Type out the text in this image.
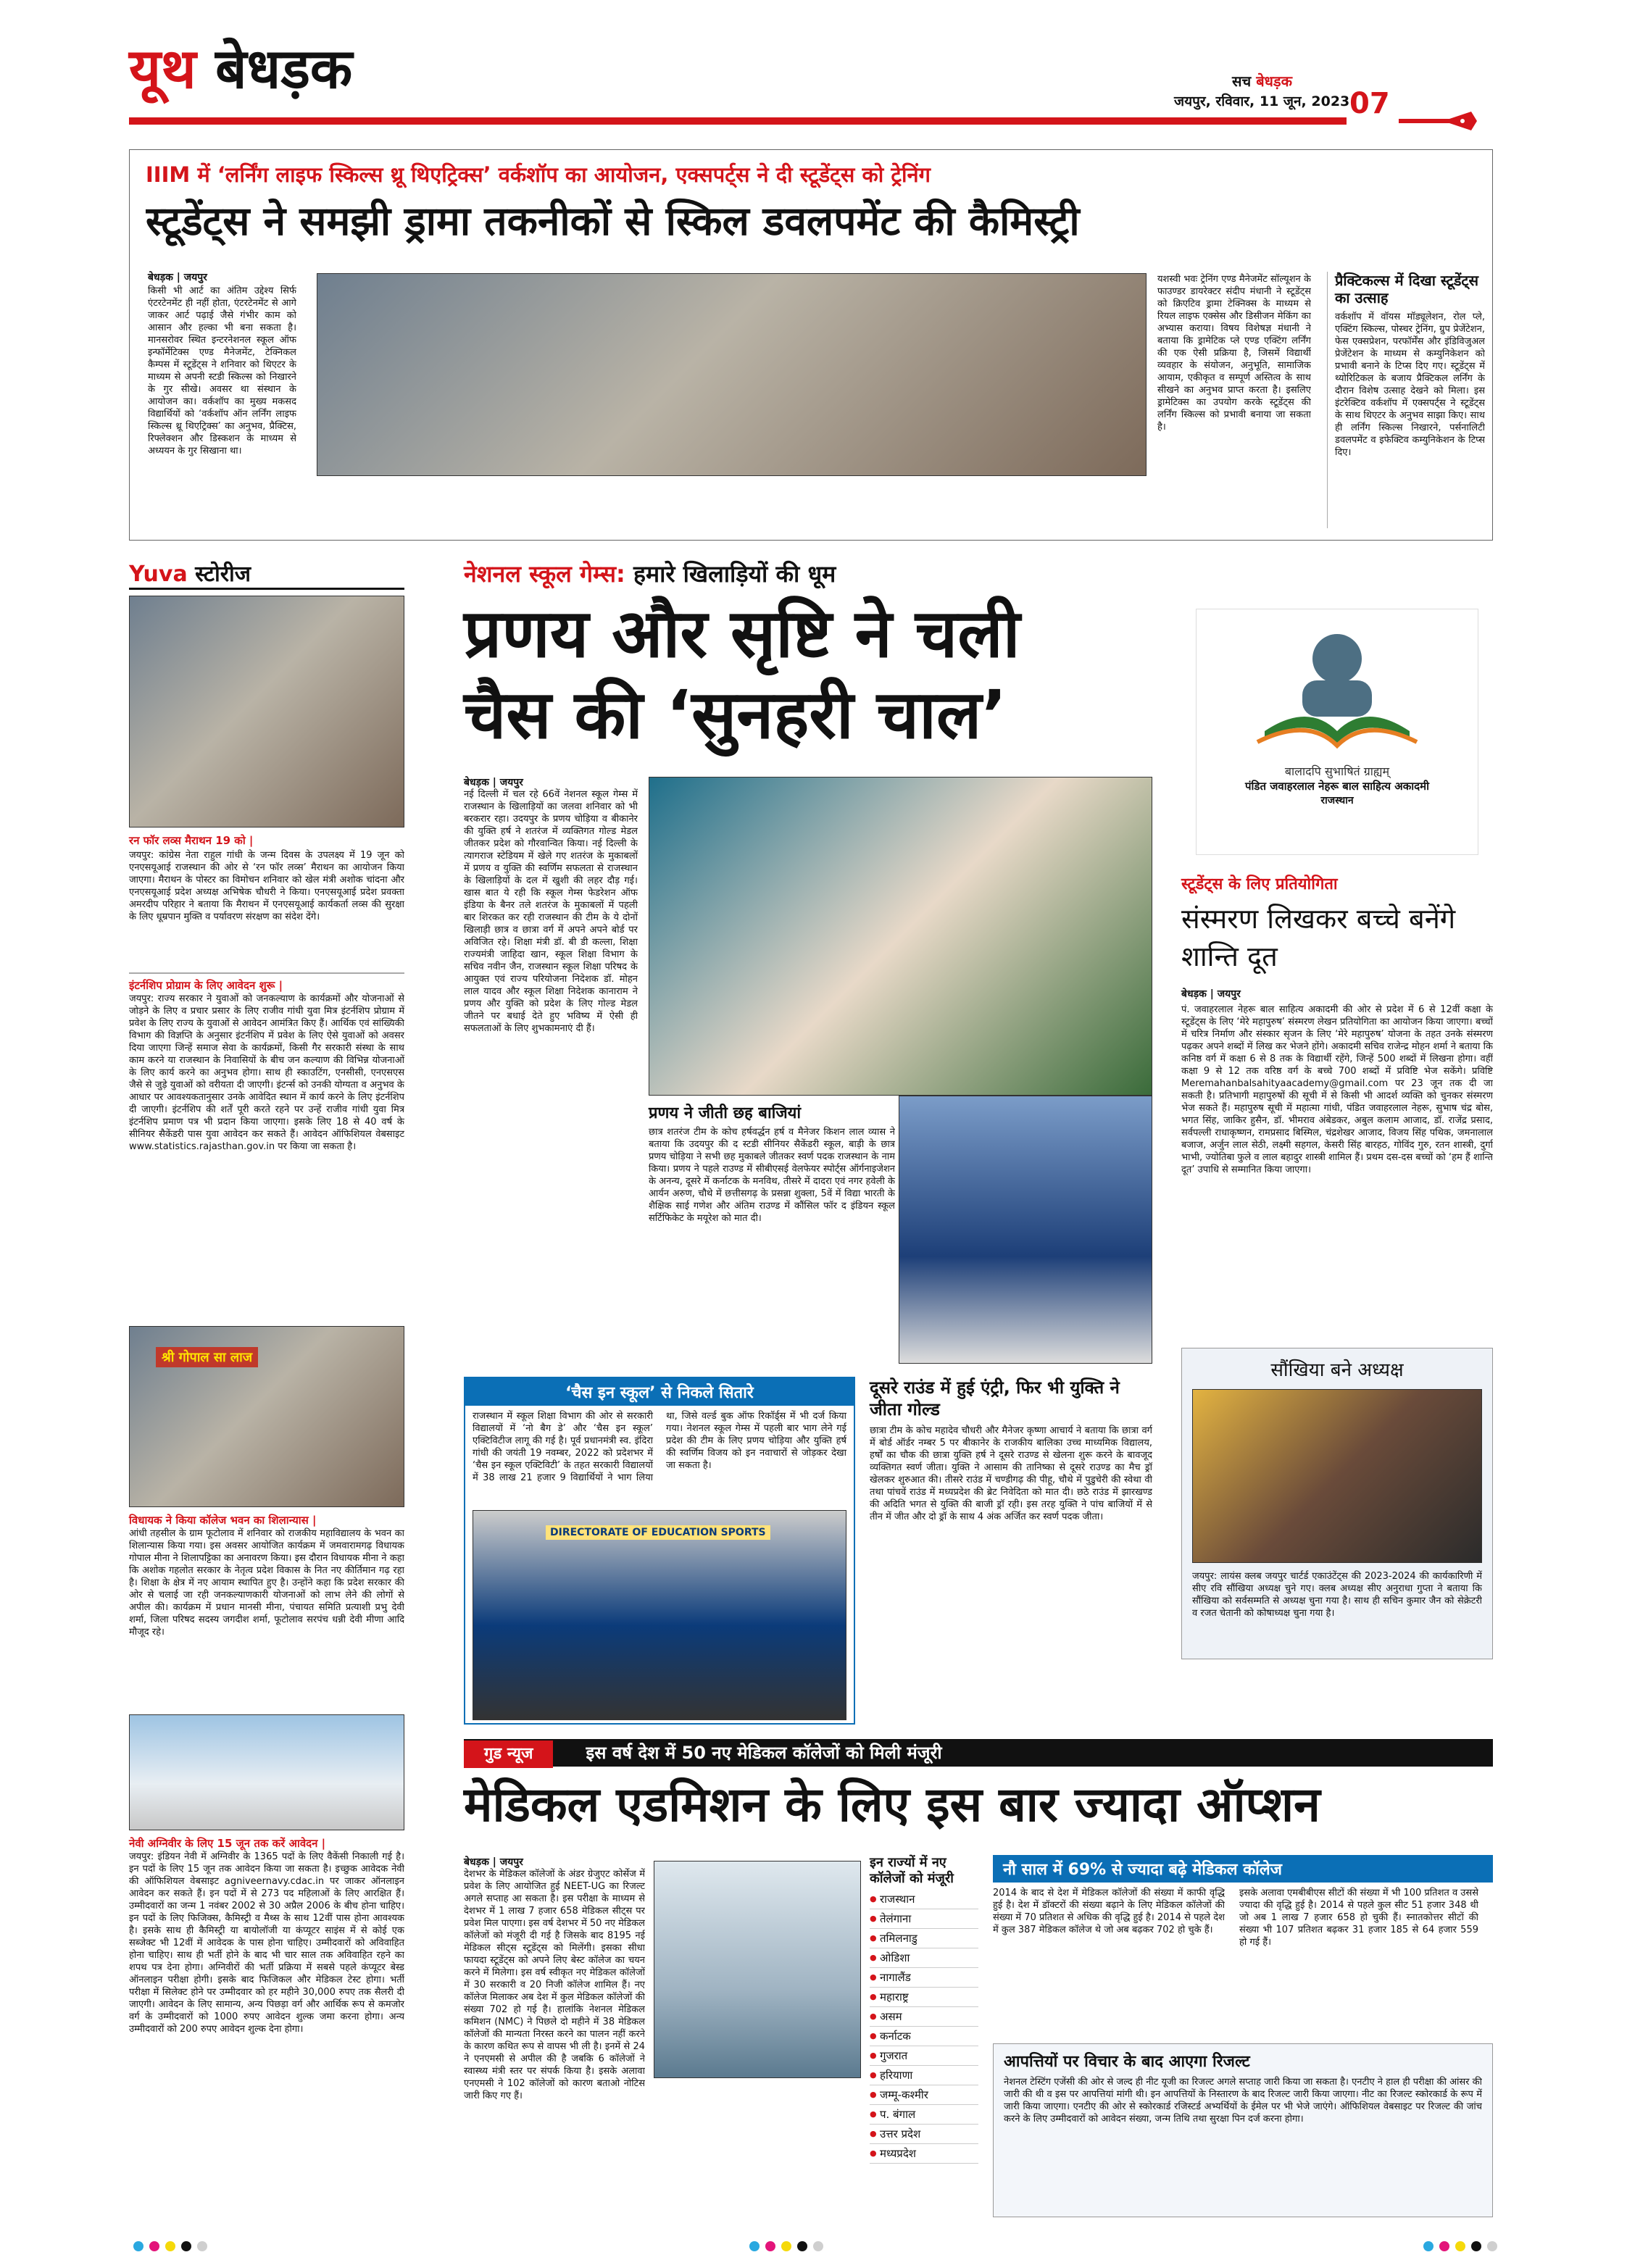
यूथ बेधड़क	सच बेधड़क
जयपुर, रविवार, 11 जून, 2023 07
IIIM में ‘लर्निंग लाइफ स्किल्स थ्रू थिएट्रिक्स’ वर्कशॉप का आयोजन, एक्सपर्ट्स ने दी स्टूडेंट्स को ट्रेनिंग
स्टूडेंट्स ने समझी ड्रामा तकनीकों से स्किल डवलपमेंट की कैमिस्ट्री
बेधड़क | जयपुर
किसी भी आर्ट का अंतिम उद्देश्य सिर्फ एंटरटेनमेंट ही नहीं होता, एंटरटेनमेंट से आगे जाकर आर्ट पढ़ाई जैसे गंभीर काम को आसान और हल्का भी बना सकता है। मानसरोवर स्थित इन्टरनेशनल स्कूल ऑफ इन्फॉर्मेटिक्स एण्ड मैनेजमेंट, टेक्निकल कैम्पस में स्टूडेंट्स ने शनिवार को थिएटर के माध्यम से अपनी स्टडी स्किल्स को निखारने के गुर सीखे। अवसर था संस्थान के आयोजन का। वर्कशॉप का मुख्य मकसद विद्यार्थियों को ‘वर्कशॉप ऑन लर्निंग लाइफ स्किल्स थ्रू थिएट्रिक्स’ का अनुभव, प्रैक्टिस, रिफ्लेक्शन और डिस्कशन के माध्यम से अध्ययन के गुर सिखाना था।
यशस्वी भवः ट्रेनिंग एण्ड मैनेजमेंट सॉल्यूशन के फाउण्डर डायरेक्टर संदीप मंधानी ने स्टूडेंट्स को क्रिएटिव ड्रामा टेक्निक्स के माध्यम से रियल लाइफ एक्सेस और डिसीजन मेकिंग का अभ्यास कराया। विषय विशेषज्ञ मंधानी ने बताया कि ड्रामेटिक प्ले एण्ड एक्टिंग लर्निंग की एक ऐसी प्रक्रिया है, जिसमें विद्यार्थी व्यवहार के संयोजन, अनुभूति, सामाजिक आयाम, एकीकृत व सम्पूर्ण अस्तित्व के साथ सीखने का अनुभव प्राप्त करता है। इसलिए ड्रामेटिक्स का उपयोग करके स्टूडेंट्स की लर्निंग स्किल्स को प्रभावी बनाया जा सकता है।
प्रैक्टिकल्स में दिखा स्टूडेंट्स का उत्साह
वर्कशॉप में वॉयस मॉड्यूलेशन, रोल प्ले, एक्टिंग स्किल्स, पोस्चर ट्रेनिंग, ग्रुप प्रेजेंटेशन, फेस एक्सप्रेशन, परफॉर्मेंस और इंडिविजुअल प्रेजेंटेशन के माध्यम से कम्युनिकेशन को प्रभावी बनाने के टिप्स दिए गए। स्टूडेंट्स में थ्योरिटिकल के बजाय प्रैक्टिकल लर्निंग के दौरान विशेष उत्साह देखने को मिला। इस इंटरेक्टिव वर्कशॉप में एक्सपर्ट्स ने स्टूडेंट्स के साथ थिएटर के अनुभव साझा किए। साथ ही लर्निंग स्किल्स निखारने, पर्सनालिटी डवलपमेंट व इफेक्टिव कम्युनिकेशन के टिप्स दिए।
Yuva स्टोरीज
रन फॉर लव्स मैराथन 19 को |
जयपुर: कांग्रेस नेता राहुल गांधी के जन्म दिवस के उपलक्ष्य में 19 जून को एनएसयूआई राजस्थान की ओर से ‘रन फॉर लव्स’ मैराथन का आयोजन किया जाएगा। मैराथन के पोस्टर का विमोचन शनिवार को खेल मंत्री अशोक चांदना और एनएसयूआई प्रदेश अध्यक्ष अभिषेक चौधरी ने किया। एनएसयूआई प्रदेश प्रवक्ता अमरदीप परिहार ने बताया कि मैराथन में एनएसयूआई कार्यकर्ता लव्स की सुरक्षा के लिए धूम्रपान मुक्ति व पर्यावरण संरक्षण का संदेश देंगे।
इंटर्नशिप प्रोग्राम के लिए आवेदन शुरू |
जयपुर: राज्य सरकार ने युवाओं को जनकल्याण के कार्यक्रमों और योजनाओं से जोड़ने के लिए व प्रचार प्रसार के लिए राजीव गांधी युवा मित्र इंटर्नशिप प्रोग्राम में प्रवेश के लिए राज्य के युवाओं से आवेदन आमंत्रित किए हैं। आर्थिक एवं सांख्यिकी विभाग की विज्ञप्ति के अनुसार इंटर्नशिप में प्रवेश के लिए ऐसे युवाओं को अवसर दिया जाएगा जिन्हें समाज सेवा के कार्यक्रमों, किसी गैर सरकारी संस्था के साथ काम करने या राजस्थान के निवासियों के बीच जन कल्याण की विभिन्न योजनाओं के लिए कार्य करने का अनुभव होगा। साथ ही स्काउटिंग, एनसीसी, एनएसएस जैसे से जुड़े युवाओं को वरीयता दी जाएगी। इंटर्न्स को उनकी योग्यता व अनुभव के आधार पर आवश्यकतानुसार उनके आवेदित स्थान में कार्य करने के लिए इंटर्नशिप दी जाएगी। इंटर्नशिप की शर्तें पूरी करते रहने पर उन्हें राजीव गांधी युवा मित्र इंटर्नशिप प्रमाण पत्र भी प्रदान किया जाएगा। इसके लिए 18 से 40 वर्ष के सीनियर सैकेंडरी पास युवा आवेदन कर सकते हैं। आवेदन ऑफिशियल वेबसाइट www.statistics.rajasthan.gov.in पर किया जा सकता है।
श्री गोपाल सा लाज
विधायक ने किया कॉलेज भवन का शिलान्यास |
आंधी तहसील के ग्राम फूटोलाव में शनिवार को राजकीय महाविद्यालय के भवन का शिलान्यास किया गया। इस अवसर आयोजित कार्यक्रम में जमवारामगढ़ विधायक गोपाल मीना ने शिलापट्टिका का अनावरण किया। इस दौरान विधायक मीना ने कहा कि अशोक गहलोत सरकार के नेतृत्व प्रदेश विकास के नित नए कीर्तिमान गढ़ रहा है। शिक्षा के क्षेत्र में नए आयाम स्थापित हुए है। उन्होंने कहा कि प्रदेश सरकार की ओर से चलाई जा रही जनकल्याणकारी योजनाओं को लाभ लेने की लोगों से अपील की। कार्यक्रम में प्रधान मानसी मीना, पंचायत समिति प्रत्याशी प्रभु देवी शर्मा, जिला परिषद सदस्य जगदीश शर्मा, फूटोलाव सरपंच धन्नी देवी मीणा आदि मौजूद रहे।
नेवी अग्निवीर के लिए 15 जून तक करें आवेदन |
जयपुर: इंडियन नेवी में अग्निवीर के 1365 पदों के लिए वैकेंसी निकाली गई है। इन पदों के लिए 15 जून तक आवेदन किया जा सकता है। इच्छुक आवेदक नेवी की ऑफिशियल वेबसाइट agniveernavy.cdac.in पर जाकर ऑनलाइन आवेदन कर सकते हैं। इन पदों में से 273 पद महिलाओं के लिए आरक्षित हैं। उम्मीदवारों का जन्म 1 नवंबर 2002 से 30 अप्रैल 2006 के बीच होना चाहिए। इन पदों के लिए फिजिक्स, कैमिस्ट्री व मैथ्स के साथ 12वीं पास होना आवश्यक है। इसके साथ ही कैमिस्ट्री या बायोलॉजी या कंप्यूटर साइंस में से कोई एक सब्जेक्ट भी 12वीं में आवेदक के पास होना चाहिए। उम्मीदवारों को अविवाहित होना चाहिए। साथ ही भर्ती होने के बाद भी चार साल तक अविवाहित रहने का शपथ पत्र देना होगा। अग्निवीरों की भर्ती प्रक्रिया में सबसे पहले कंप्यूटर बेस्ड ऑनलाइन परीक्षा होगी। इसके बाद फिजिकल और मेडिकल टेस्ट होगा। भर्ती परीक्षा में सिलेक्ट होने पर उम्मीदवार को हर महीने 30,000 रुपए तक सैलरी दी जाएगी। आवेदन के लिए सामान्य, अन्य पिछड़ा वर्ग और आर्थिक रूप से कमजोर वर्ग के उम्मीदवारों को 1000 रुपए आवेदन शुल्क जमा करना होगा। अन्य उम्मीदवारों को 200 रुपए आवेदन शुल्क देना होगा।
नेशनल स्कूल गेम्स: हमारे खिलाड़ियों की धूम
प्रणय और सृष्टि ने चली
चैस की ‘सुनहरी चाल’
बेधड़क | जयपुर
नई दिल्ली में चल रहे 66वें नेशनल स्कूल गेम्स में राजस्थान के खिलाड़ियों का जलवा शनिवार को भी बरकरार रहा। उदयपुर के प्रणय चोड़िया व बीकानेर की युक्ति हर्ष ने शतरंज में व्यक्तिगत गोल्ड मेडल जीतकर प्रदेश को गौरवान्वित किया। नई दिल्ली के त्यागराज स्टेडियम में खेले गए शतरंज के मुकाबलों में प्रणय व युक्ति की स्वर्णिम सफलता से राजस्थान के खिलाड़ियों के दल में खुशी की लहर दौड़ गई। खास बात ये रही कि स्कूल गेम्स फेडरेशन ऑफ इंडिया के बैनर तले शतरंज के मुकाबलों में पहली बार शिरकत कर रही राजस्थान की टीम के ये दोनों खिलाड़ी छात्र व छात्रा वर्ग में अपने अपने बोर्ड पर अविजित रहे। शिक्षा मंत्री डॉ. बी डी कल्ला, शिक्षा राज्यमंत्री जाहिदा खान, स्कूल शिक्षा विभाग के सचिव नवीन जैन, राजस्थान स्कूल शिक्षा परिषद के आयुक्त एवं राज्य परियोजना निदेशक डॉ. मोहन लाल यादव और स्कूल शिक्षा निदेशक कानाराम ने प्रणय और युक्ति को प्रदेश के लिए गोल्ड मेडल जीतने पर बधाई देते हुए भविष्य में ऐसी ही सफलताओं के लिए शुभकामनाएं दी हैं।
प्रणय ने जीती छह बाजियां
छात्र शतरंज टीम के कोच हर्षवर्द्धन हर्ष व मैनेजर किशन लाल व्यास ने बताया कि उदयपुर की द स्टडी सीनियर सैकेंडरी स्कूल, बाड़ी के छात्र प्रणय चोड़िया ने सभी छह मुकाबले जीतकर स्वर्ण पदक राजस्थान के नाम किया। प्रणय ने पहले राउण्ड में सीबीएसई वेलफेयर स्पोर्ट्स ऑर्गनाइजेशन के अनन्य, दूसरे में कर्नाटक के मनविथ, तीसरे में दादरा एवं नगर हवेली के आर्यन अरुण, चौथे में छत्तीसगढ़ के प्रसन्ना शुक्ला, 5वें में विद्या भारती के शैक्षिक साई गणेश और अंतिम राउण्ड में कौंसिल फॉर द इंडियन स्कूल सर्टिफिकेट के मयूरेश को मात दी।
‘चैस इन स्कूल’ से निकले सितारे
राजस्थान में स्कूल शिक्षा विभाग की ओर से सरकारी विद्यालयों में ‘नो बैग डे’ और ‘चैस इन स्कूल’ एक्टिविटीज लागू की गई है। पूर्व प्रधानमंत्री स्व. इंदिरा गांधी की जयंती 19 नवम्बर, 2022 को प्रदेशभर में ‘चैस इन स्कूल एक्टिविटी’ के तहत सरकारी विद्यालयों में 38 लाख 21 हजार 9 विद्यार्थियों ने भाग लिया था, जिसे वर्ल्ड बुक ऑफ रिकॉर्ड्स में भी दर्ज किया गया। नेशनल स्कूल गेम्स में पहली बार भाग लेने गई प्रदेश की टीम के लिए प्रणय चोड़िया और युक्ति हर्ष की स्वर्णिम विजय को इन नवाचारों से जोड़कर देखा जा सकता है।
DIRECTORATE OF EDUCATION SPORTS
दूसरे राउंड में हुई एंट्री, फिर भी युक्ति ने जीता गोल्ड
छात्रा टीम के कोच महादेव चौधरी और मैनेजर कृष्णा आचार्य ने बताया कि छात्रा वर्ग में बोर्ड ऑर्डर नम्बर 5 पर बीकानेर के राजकीय बालिका उच्च माध्यमिक विद्यालय, हर्षों का चौक की छात्रा युक्ति हर्ष ने दूसरे राउण्ड से खेलना शुरू करने के बावजूद व्यक्तिगत स्वर्ण जीता। युक्ति ने आसाम की तानिष्का से दूसरे राउण्ड का मैच ड्रॉ खेलकर शुरुआत की। तीसरे राउंड में चण्डीगढ़ की पीहू, चौथे में पुडुचेरी की स्वेथा वी तथा पांचवें राउंड में मध्यप्रदेश की ब्रेट निवेदिता को मात दी। छठे राउंड में झारखण्ड की अदिति भगत से युक्ति की बाजी ड्रॉ रही। इस तरह युक्ति ने पांच बाजियों में से तीन में जीत और दो ड्रॉ के साथ 4 अंक अर्जित कर स्वर्ण पदक जीता।
बालादपि सुभाषितं ग्राह्यम्
पंडित जवाहरलाल नेहरू बाल साहित्य अकादमी
राजस्थान
स्टूडेंट्स के लिए प्रतियोगिता
संस्मरण लिखकर बच्चे बनेंगे शान्ति दूत
बेधड़क | जयपुर
पं. जवाहरलाल नेहरू बाल साहित्य अकादमी की ओर से प्रदेश में 6 से 12वीं कक्षा के स्टूडेंट्स के लिए ‘मेरे महापुरुष’ संस्मरण लेखन प्रतियोगिता का आयोजन किया जाएगा। बच्चों में चरित्र निर्माण और संस्कार सृजन के लिए ‘मेरे महापुरुष’ योजना के तहत उनके संस्मरण पढ़कर अपने शब्दों में लिख कर भेजने होंगे। अकादमी सचिव राजेन्द्र मोहन शर्मा ने बताया कि कनिष्ठ वर्ग में कक्षा 6 से 8 तक के विद्यार्थी रहेंगे, जिन्हें 500 शब्दों में लिखना होगा। वहीं कक्षा 9 से 12 तक वरिष्ठ वर्ग के बच्चे 700 शब्दों में प्रविष्टि भेज सकेंगे। प्रविष्टि Meremahanbalsahityaacademy@gmail.com पर 23 जून तक दी जा सकती है। प्रतिभागी महापुरुषों की सूची में से किसी भी आदर्श व्यक्ति को चुनकर संस्मरण भेज सकते हैं। महापुरुष सूची में महात्मा गांधी, पंडित जवाहरलाल नेहरू, सुभाष चंद्र बोस, भगत सिंह, जाकिर हुसैन, डॉ. भीमराव अंबेडकर, अबुल कलाम आजाद, डॉ. राजेंद्र प्रसाद, सर्वपल्ली राधाकृष्णन, रामप्रसाद बिस्मिल, चंद्रशेखर आजाद, विजय सिंह पथिक, जमनालाल बजाज, अर्जुन लाल सेठी, लक्ष्मी सहगल, केसरी सिंह बारहठ, गोविंद गुरु, रतन शास्त्री, दुर्गा भाभी, ज्योतिबा फुले व लाल बहादुर शास्त्री शामिल हैं। प्रथम दस-दस बच्चों को ‘हम हैं शान्ति दूत’ उपाधि से सम्मानित किया जाएगा।
सौंखिया बने अध्यक्ष
जयपुर: लायंस क्लब जयपुर चार्टर्ड एकाउंटेंट्स की 2023-2024 की कार्यकारिणी में सीए रवि सौंखिया अध्यक्ष चुने गए। क्लब अध्यक्ष सीए अनुराधा गुप्ता ने बताया कि सौंखिया को सर्वसम्मति से अध्यक्ष चुना गया है। साथ ही सचिन कुमार जैन को सेक्रेटरी व रजत चेतानी को कोषाध्यक्ष चुना गया है।
गुड न्यूज	इस वर्ष देश में 50 नए मेडिकल कॉलेजों को मिली मंजूरी
मेडिकल एडमिशन के लिए इस बार ज्यादा ऑप्शन
बेधड़क | जयपुर
देशभर के मेडिकल कॉलेजों के अंडर ग्रेजुएट कोर्सेज में प्रवेश के लिए आयोजित हुई NEET-UG का रिजल्ट अगले सप्ताह आ सकता है। इस परीक्षा के माध्यम से देशभर में 1 लाख 7 हजार 658 मेडिकल सीट्स पर प्रवेश मिल पाएगा। इस वर्ष देशभर में 50 नए मेडिकल कॉलेजों को मंजूरी दी गई है जिसके बाद 8195 नई मेडिकल सीट्स स्टूडेंट्स को मिलेंगी। इसका सीधा फायदा स्टूडेंट्स को अपने लिए बेस्ट कॉलेज का चयन करने में मिलेगा। इस वर्ष स्वीकृत नए मेडिकल कॉलेजों में 30 सरकारी व 20 निजी कॉलेज शामिल हैं। नए कॉलेज मिलाकर अब देश में कुल मेडिकल कॉलेजों की संख्या 702 हो गई है। हालांकि नेशनल मेडिकल कमिशन (NMC) ने पिछले दो महीने में 38 मेडिकल कॉलेजों की मान्यता निरस्त करने का पालन नहीं करने के कारण कथित रूप से वापस भी ली है। इनमें से 24 ने एनएमसी से अपील की है जबकि 6 कॉलेजों ने स्वास्थ्य मंत्री स्तर पर संपर्क किया है। इसके अलावा एनएमसी ने 102 कॉलेजों को कारण बताओ नोटिस जारी किए गए हैं।
इन राज्यों में नए कॉलेजों को मंजूरी
● राजस्थान
● तेलंगाना
● तमिलनाडु
● ओडिशा
● नागालैंड
● महाराष्ट्र
● असम
● कर्नाटक
● गुजरात
● हरियाणा
● जम्मू-कश्मीर
● प. बंगाल
● उत्तर प्रदेश
● मध्यप्रदेश
नौ साल में 69% से ज्यादा बढ़े मेडिकल कॉलेज
2014 के बाद से देश में मेडिकल कॉलेजों की संख्या में काफी वृद्धि हुई है। देश में डॉक्टरों की संख्या बढ़ाने के लिए मेडिकल कॉलेजों की संख्या में 70 प्रतिशत से अधिक की वृद्धि हुई है। 2014 से पहले देश में कुल 387 मेडिकल कॉलेज थे जो अब बढ़कर 702 हो चुके हैं।
इसके अलावा एमबीबीएस सीटों की संख्या में भी 100 प्रतिशत व उससे ज्यादा की वृद्धि हुई है। 2014 से पहले कुल सीट 51 हजार 348 थी जो अब 1 लाख 7 हजार 658 हो चुकी हैं। स्नातकोत्तर सीटों की संख्या भी 107 प्रतिशत बढ़कर 31 हजार 185 से 64 हजार 559 हो गई हैं।
आपत्तियों पर विचार के बाद आएगा रिजल्ट
नेशनल टेस्टिंग एजेंसी की ओर से जल्द ही नीट यूजी का रिजल्ट अगले सप्ताह जारी किया जा सकता है। एनटीए ने हाल ही परीक्षा की आंसर की जारी की थी व इस पर आपत्तियां मांगी थी। इन आपत्तियों के निस्तारण के बाद रिजल्ट जारी किया जाएगा। नीट का रिजल्ट स्कोरकार्ड के रूप में जारी किया जाएगा। एनटीए की ओर से स्कोरकार्ड रजिस्टर्ड अभ्यर्थियों के ईमेल पर भी भेजे जाएंगे। ऑफिशियल वेबसाइट पर रिजल्ट की जांच करने के लिए उम्मीदवारों को आवेदन संख्या, जन्म तिथि तथा सुरक्षा पिन दर्ज करना होगा।
